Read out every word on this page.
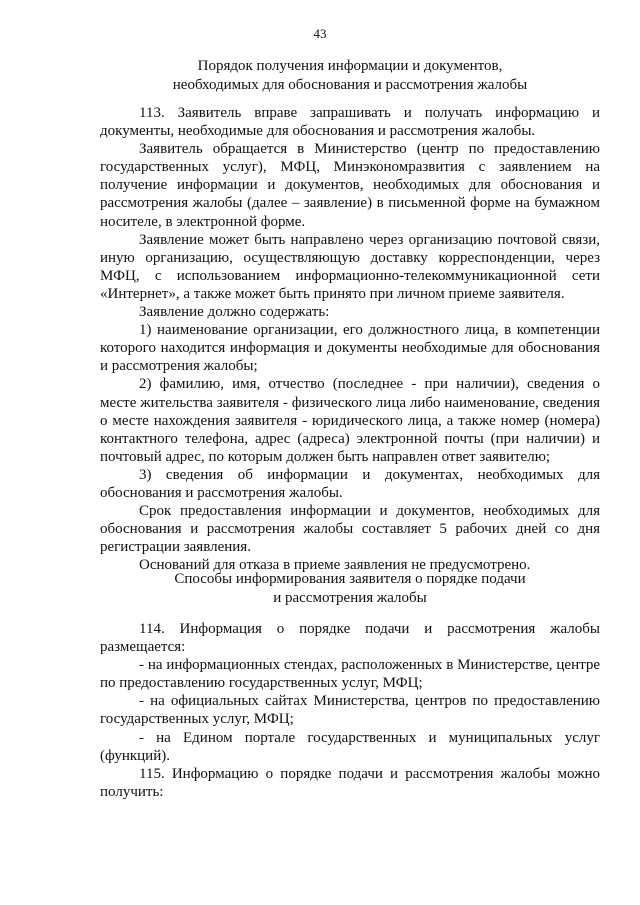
43
Порядок получения информации и документов,
необходимых для обоснования и рассмотрения жалобы

113. Заявитель вправе запрашивать и получать информацию и документы, необходимые для обоснования и рассмотрения жалобы.

Заявитель обращается в Министерство (центр по предоставлению государственных услуг), МФЦ, Минэкономразвития с заявлением на получение информации и документов, необходимых для обоснования и рассмотрения жалобы (далее – заявление) в письменной форме на бумажном носителе, в электронной форме.

Заявление может быть направлено через организацию почтовой связи, иную организацию, осуществляющую доставку корреспонденции, через МФЦ, с использованием информационно-телекоммуникационной сети «Интернет», а также может быть принято при личном приеме заявителя.

Заявление должно содержать:

1) наименование организации, его должностного лица, в компетенции которого находится информация и документы необходимые для обоснования и рассмотрения жалобы;

2) фамилию, имя, отчество (последнее - при наличии), сведения о месте жительства заявителя - физического лица либо наименование, сведения о месте нахождения заявителя - юридического лица, а также номер (номера) контактного телефона, адрес (адреса) электронной почты (при наличии) и почтовый адрес, по которым должен быть направлен ответ заявителю;

3) сведения об информации и документах, необходимых для обоснования и рассмотрения жалобы.

Срок предоставления информации и документов, необходимых для обоснования и рассмотрения жалобы составляет 5 рабочих дней со дня регистрации заявления.

Оснований для отказа в приеме заявления не предусмотрено.

Способы информирования заявителя о порядке подачи
и рассмотрения жалобы

114. Информация о порядке подачи и рассмотрения жалобы размещается:

- на информационных стендах, расположенных в Министерстве, центре по предоставлению государственных услуг, МФЦ;

- на официальных сайтах Министерства, центров по предоставлению государственных услуг, МФЦ;

- на Едином портале государственных и муниципальных услуг (функций).

115. Информацию о порядке подачи и рассмотрения жалобы можно получить:
